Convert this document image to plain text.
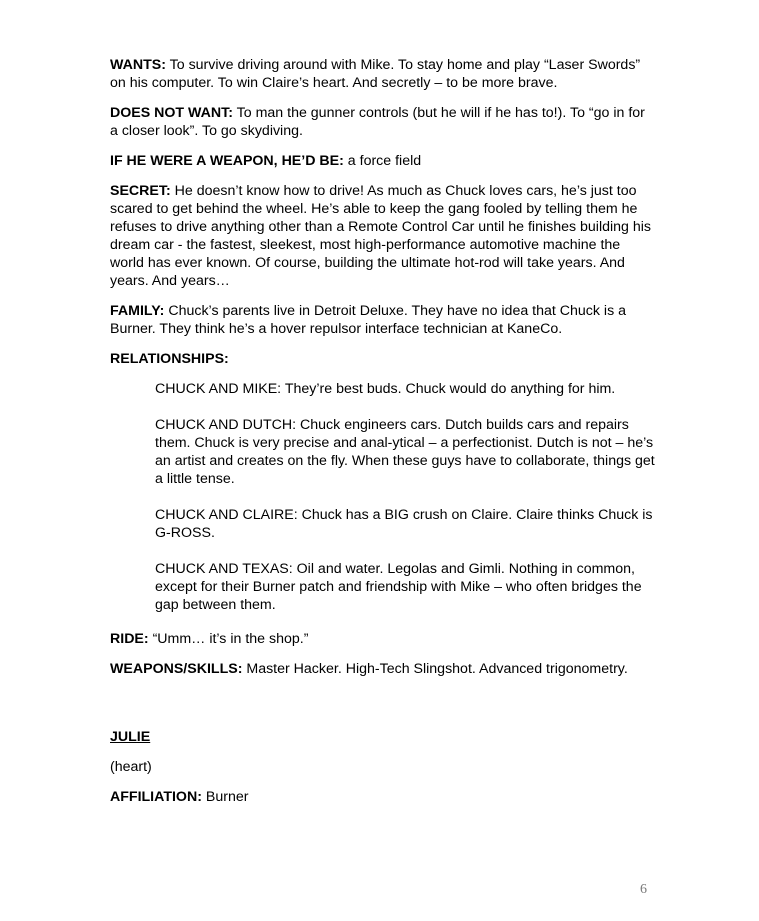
WANTS: To survive driving around with Mike. To stay home and play “Laser Swords” on his computer. To win Claire’s heart. And secretly – to be more brave.

DOES NOT WANT: To man the gunner controls (but he will if he has to!). To “go in for a closer look”. To go skydiving.

IF HE WERE A WEAPON, HE’D BE: a force field

SECRET: He doesn’t know how to drive! As much as Chuck loves cars, he’s just too scared to get behind the wheel. He’s able to keep the gang fooled by telling them he refuses to drive anything other than a Remote Control Car until he finishes building his dream car - the fastest, sleekest, most high-performance automotive machine the world has ever known. Of course, building the ultimate hot-rod will take years. And years. And years…

FAMILY: Chuck’s parents live in Detroit Deluxe. They have no idea that Chuck is a Burner. They think he’s a hover repulsor interface technician at KaneCo.

RELATIONSHIPS:

CHUCK AND MIKE: They’re best buds. Chuck would do anything for him.

CHUCK AND DUTCH: Chuck engineers cars. Dutch builds cars and repairs them. Chuck is very precise and anal-ytical – a perfectionist. Dutch is not – he’s an artist and creates on the fly. When these guys have to collaborate, things get a little tense.

CHUCK AND CLAIRE: Chuck has a BIG crush on Claire. Claire thinks Chuck is G-ROSS.

CHUCK AND TEXAS: Oil and water. Legolas and Gimli. Nothing in common, except for their Burner patch and friendship with Mike – who often bridges the gap between them.

RIDE: “Umm… it’s in the shop.”

WEAPONS/SKILLS: Master Hacker. High-Tech Slingshot. Advanced trigonometry.

JULIE

(heart)

AFFILIATION: Burner

6
